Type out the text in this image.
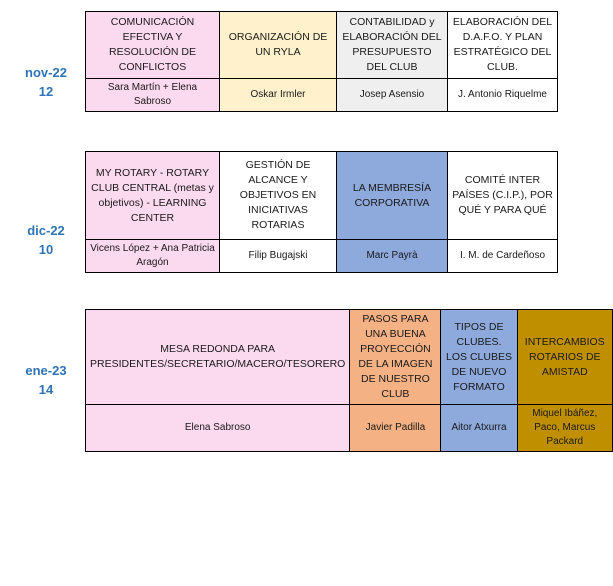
nov-22
12
COMUNICACIÓN EFECTIVA Y RESOLUCIÓN DE CONFLICTOS	ORGANIZACIÓN DE UN RYLA	CONTABILIDAD y ELABORACIÓN DEL PRESUPUESTO DEL CLUB	ELABORACIÓN DEL D.A.F.O. Y PLAN ESTRATÉGICO DEL CLUB.
Sara Martín + Elena Sabroso	Oskar Irmler	Josep Asensio	J. Antonio Riquelme
dic-22
10
MY ROTARY - ROTARY CLUB CENTRAL (metas y objetivos) - LEARNING CENTER	GESTIÓN DE ALCANCE Y OBJETIVOS EN INICIATIVAS ROTARIAS	LA MEMBRESÍA CORPORATIVA	COMITÉ INTER PAÍSES (C.I.P.), POR QUÉ Y PARA QUÉ
Vicens López + Ana Patricia Aragón	Filip Bugajski	Marc Payrà	I. M. de Cardeñoso
ene-23
14
MESA REDONDA PARA PRESIDENTES/SECRETARIO/MACERO/TESORERO	PASOS PARA UNA BUENA PROYECCIÓN DE LA IMAGEN DE NUESTRO CLUB	TIPOS DE CLUBES. LOS CLUBES DE NUEVO FORMATO	INTERCAMBIOS ROTARIOS DE AMISTAD
Elena Sabroso	Javier Padilla	Aitor Atxurra	Miquel Ibáñez, Paco, Marcus Packard
